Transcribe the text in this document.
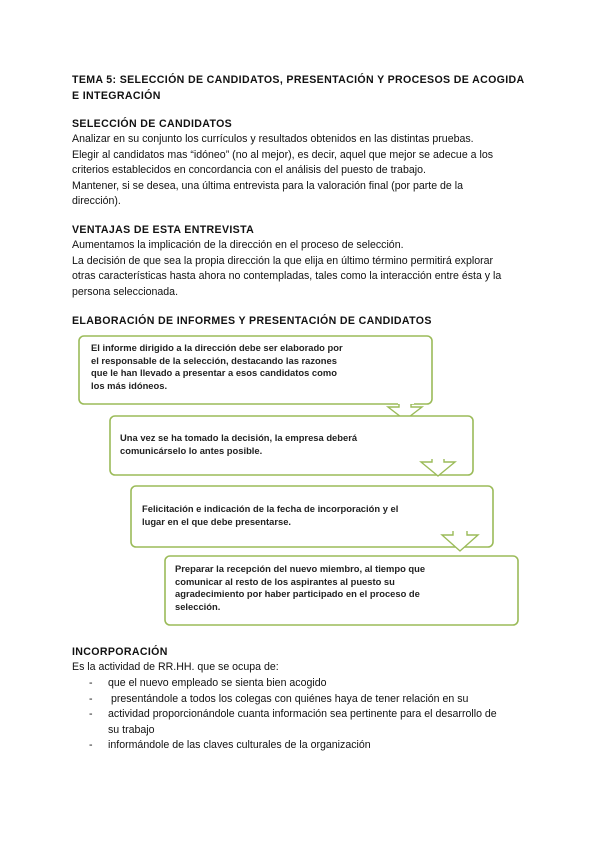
TEMA 5: SELECCIÓN DE CANDIDATOS, PRESENTACIÓN Y PROCESOS DE ACOGIDA
E INTEGRACIÓN
SELECCIÓN DE CANDIDATOS
Analizar en su conjunto los currículos y resultados obtenidos en las distintas pruebas.
Elegir al candidatos mas “idóneo” (no al mejor), es decir, aquel que mejor se adecue a los
criterios establecidos en concordancia con el análisis del puesto de trabajo.
Mantener, si se desea, una última entrevista para la valoración final (por parte de la
dirección).
VENTAJAS DE ESTA ENTREVISTA
Aumentamos la implicación de la dirección en el proceso de selección.
La decisión de que sea la propia dirección la que elija en último término permitirá explorar
otras características hasta ahora no contempladas, tales como la interacción entre ésta y la
persona seleccionada.
ELABORACIÓN DE INFORMES Y PRESENTACIÓN DE CANDIDATOS
El informe dirigido a la dirección debe ser elaborado por
el responsable de la selección, destacando las razones
que le han llevado a presentar a esos candidatos como
los más idóneos.
Una vez se ha tomado la decisión, la empresa deberá
comunicárselo lo antes posible.
Felicitación e indicación de la fecha de incorporación y el
lugar en el que debe presentarse.
Preparar la recepción del nuevo miembro, al tiempo que
comunicar al resto de los aspirantes al puesto su
agradecimiento por haber participado en el proceso de
selección.
INCORPORACIÓN
Es la actividad de RR.HH. que se ocupa de:
- que el nuevo empleado se sienta bien acogido
- presentándole a todos los colegas con quiénes haya de tener relación en su
- actividad proporcionándole cuanta información sea pertinente para el desarrollo de
su trabajo
- informándole de las claves culturales de la organización
